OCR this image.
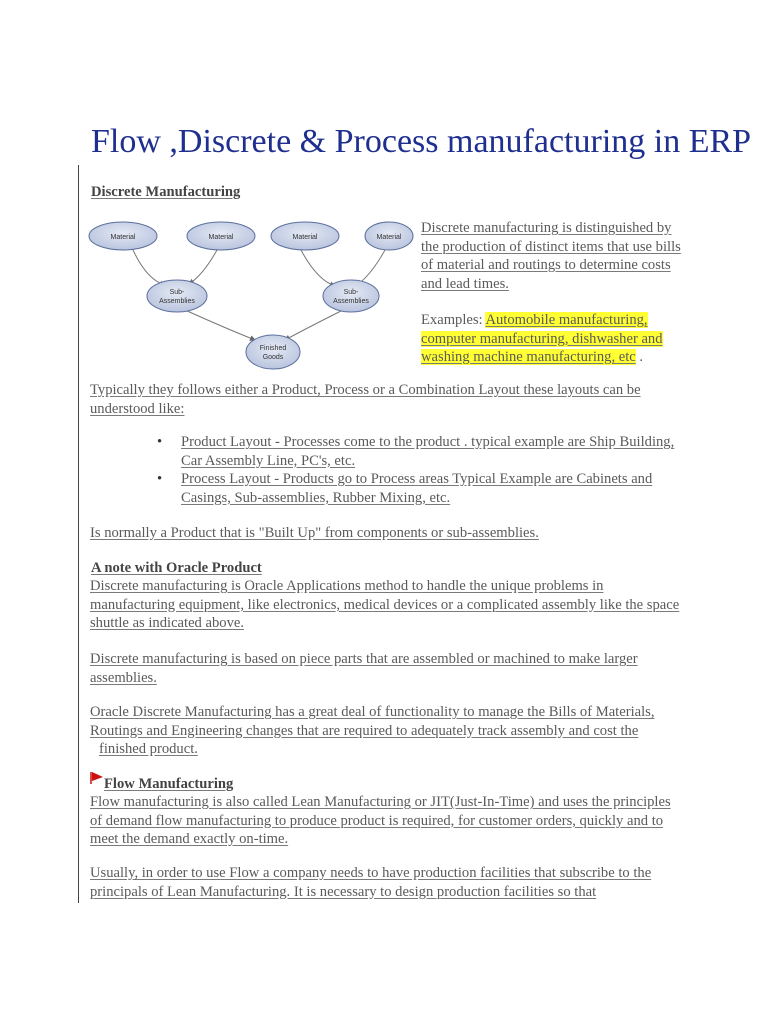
Flow ,Discrete & Process manufacturing in ERP
Discrete Manufacturing
Material	Material	Material	Material
Sub-
Assemblies
Sub-
Assemblies
Finished
Goods
Discrete manufacturing is distinguished by the production of distinct items that use bills of material and routings to determine costs and lead times.
Examples: Automobile manufacturing, computer manufacturing, dishwasher and washing machine manufacturing, etc .
Typically they follows either a Product, Process or a Combination Layout these layouts can be understood like:
• Product Layout - Processes come to the product . typical example are Ship Building, Car Assembly Line, PC's, etc.
• Process Layout - Products go to Process areas Typical Example are Cabinets and Casings, Sub-assemblies, Rubber Mixing, etc.
Is normally a Product that is "Built Up" from components or sub-assemblies.
A note with Oracle Product
Discrete manufacturing is Oracle Applications method to handle the unique problems in manufacturing equipment, like electronics, medical devices or a complicated assembly like the space shuttle as indicated above.
Discrete manufacturing is based on piece parts that are assembled or machined to make larger assemblies.
Oracle Discrete Manufacturing has a great deal of functionality to manage the Bills of Materials, Routings and Engineering changes that are required to adequately track assembly and cost the
finished product.
Flow Manufacturing
Flow manufacturing is also called Lean Manufacturing or JIT(Just-In-Time) and uses the principles of demand flow manufacturing to produce product is required, for customer orders, quickly and to meet the demand exactly on-time.
Usually, in order to use Flow a company needs to have production facilities that subscribe to the principals of Lean Manufacturing. It is necessary to design production facilities so that
